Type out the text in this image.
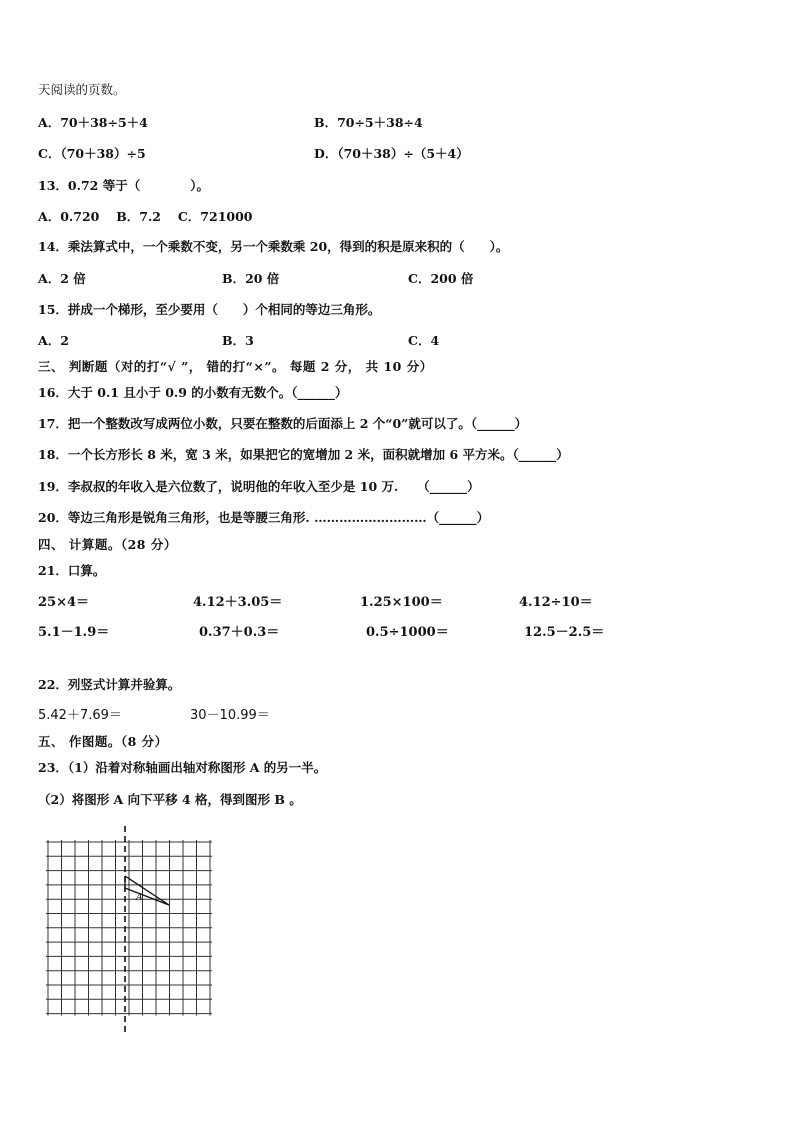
天阅读的页数。
A．70＋38÷5＋4	B．70÷5＋38÷4
C．（70＋38）÷5	D．（70＋38）÷（5＋4）
13．0.72 等于（　　　　）。
A．0.720　 B．7.2　 C．721000
14．乘法算式中，一个乘数不变，另一个乘数乘 20，得到的积是原来积的（　　）。
A．2 倍	B．20 倍	C．200 倍
15．拼成一个梯形，至少要用（　　）个相同的等边三角形。
A．2	B．3	C．4
三、 判断题（对的打“√ ”， 错的打“×”。 每题 2 分， 共 10 分）
16．大于 0.1 且小于 0.9 的小数有无数个。（______）
17．把一个整数改写成两位小数，只要在整数的后面添上 2 个“0”就可以了。（______）
18．一个长方形长 8 米，宽 3 米，如果把它的宽增加 2 米，面积就增加 6 平方米。（______）
19．李叔叔的年收入是六位数了，说明他的年收入至少是 10 万.　　（______）
20．等边三角形是锐角三角形，也是等腰三角形. ………………………（______）
四、 计算题。（28 分）
21．口算。
25×4＝	4.12＋3.05＝	1.25×100＝	4.12÷10＝
5.1－1.9＝	0.37＋0.3＝	0.5÷1000＝	12.5－2.5＝
22．列竖式计算并验算。
5.42＋7.69＝	30－10.99＝
五、 作图题。（8 分）
23．（1）沿着对称轴画出轴对称图形 A 的另一半。
（2）将图形 A 向下平移 4 格，得到图形 B 。
A
